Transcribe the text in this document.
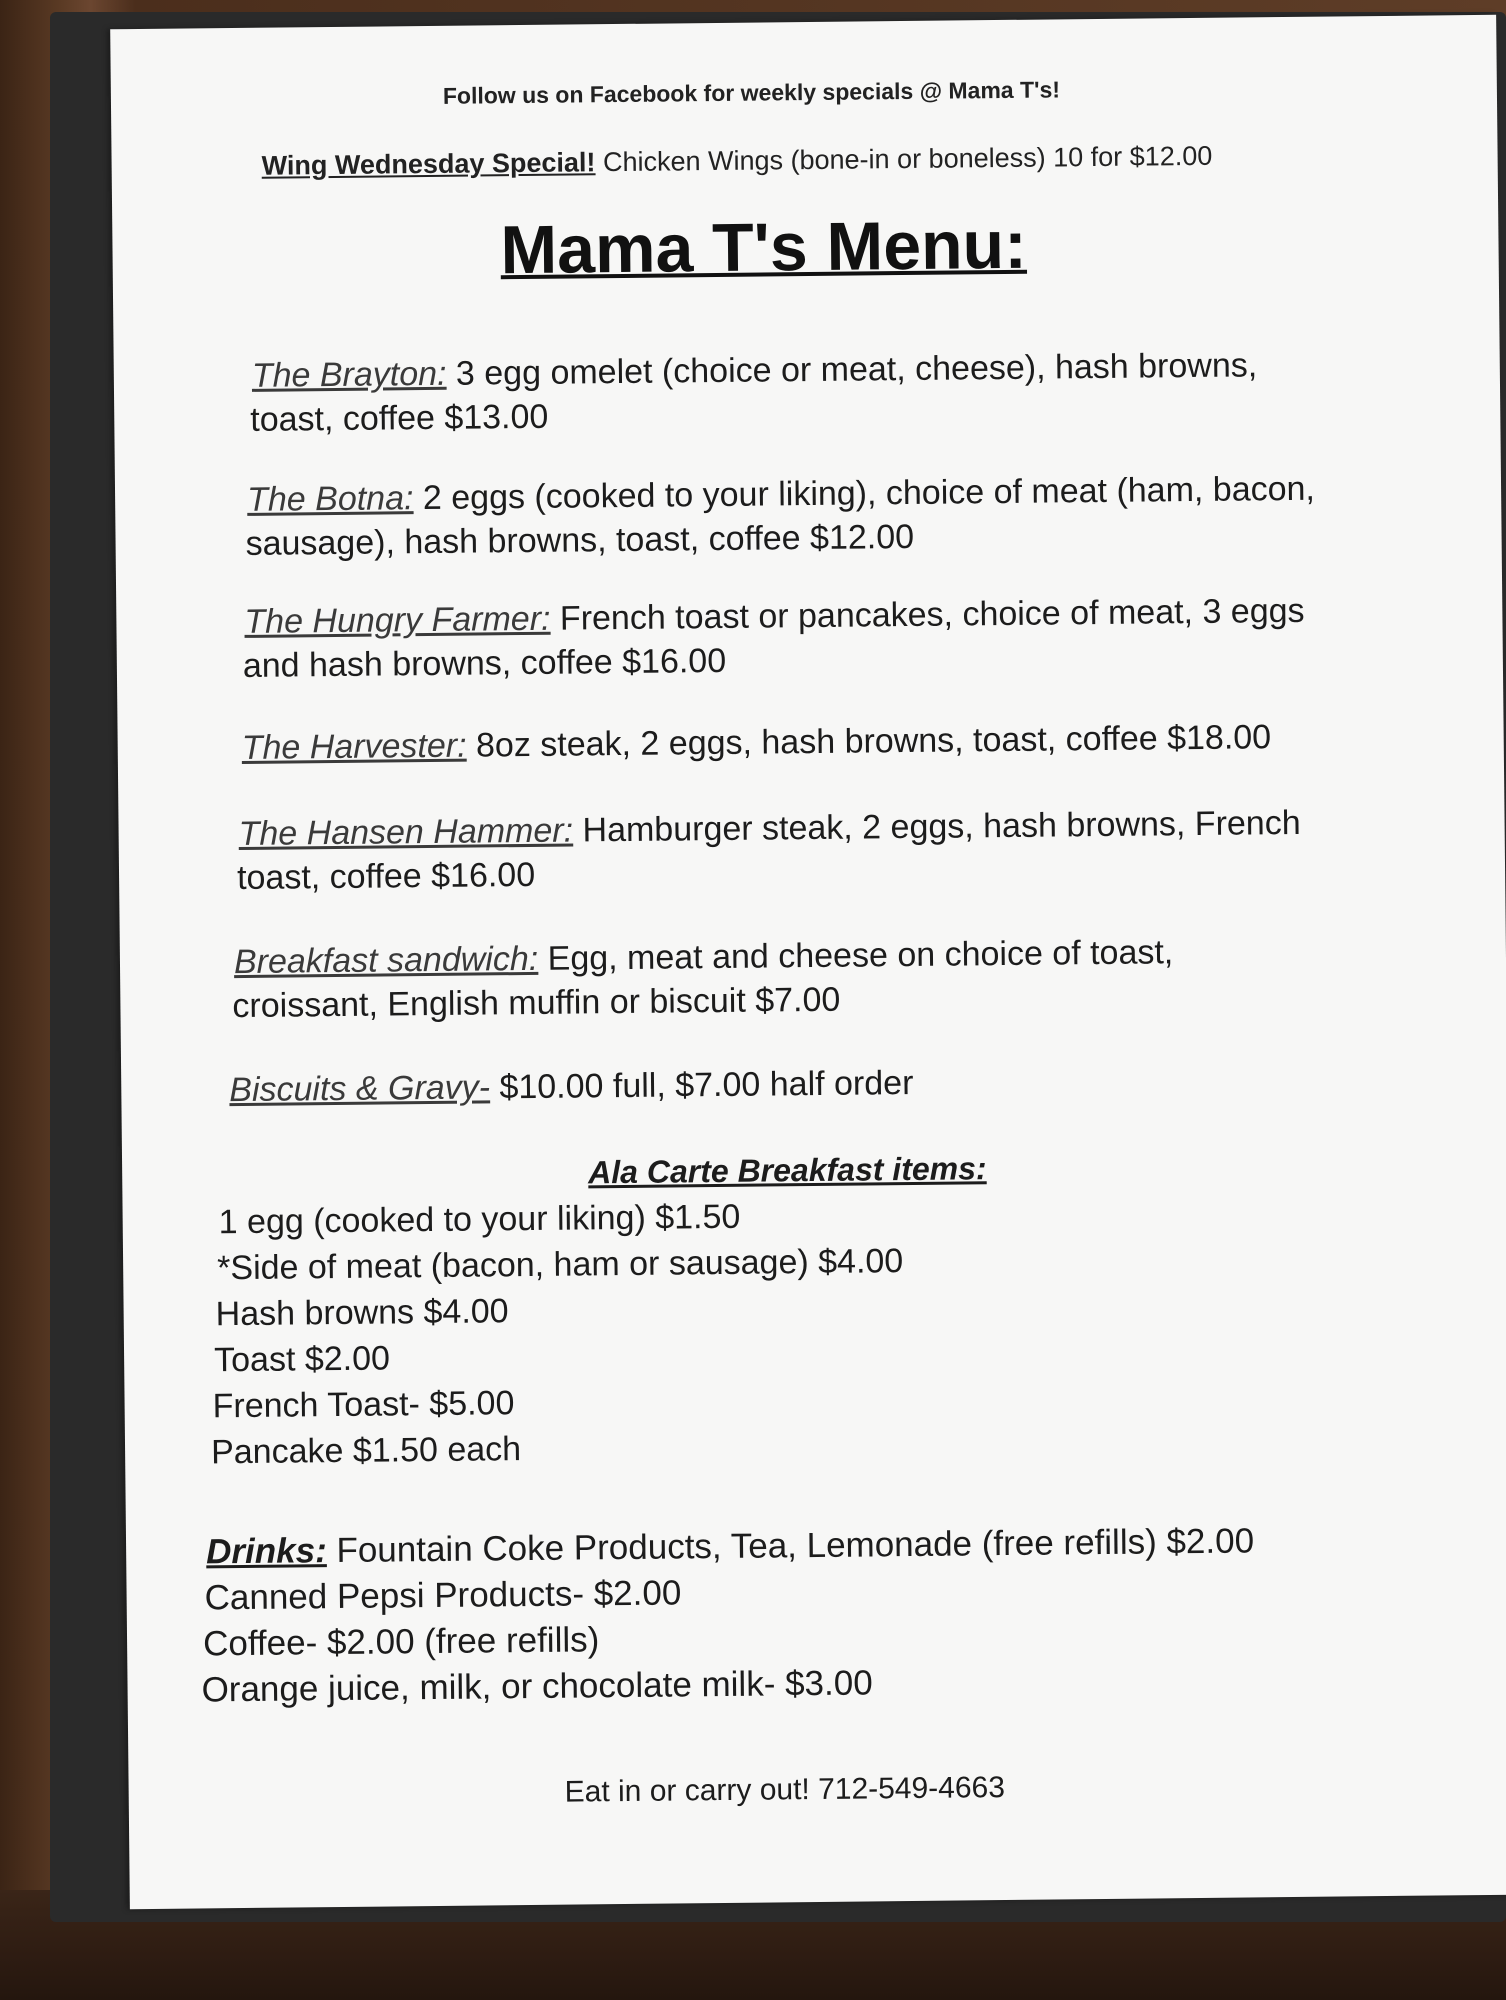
Follow us on Facebook for weekly specials @ Mama T's!
Wing Wednesday Special! Chicken Wings (bone-in or boneless) 10 for $12.00
Mama T's Menu:
The Brayton: 3 egg omelet (choice or meat, cheese), hash browns,
toast, coffee $13.00
The Botna: 2 eggs (cooked to your liking), choice of meat (ham, bacon,
sausage), hash browns, toast, coffee $12.00
The Hungry Farmer: French toast or pancakes, choice of meat, 3 eggs
and hash browns, coffee $16.00
The Harvester: 8oz steak, 2 eggs, hash browns, toast, coffee $18.00
The Hansen Hammer: Hamburger steak, 2 eggs, hash browns, French
toast, coffee $16.00
Breakfast sandwich: Egg, meat and cheese on choice of toast,
croissant, English muffin or biscuit $7.00
Biscuits & Gravy- $10.00 full, $7.00 half order
Ala Carte Breakfast items:
1 egg (cooked to your liking) $1.50
*Side of meat (bacon, ham or sausage) $4.00
Hash browns $4.00
Toast $2.00
French Toast- $5.00
Pancake $1.50 each
Drinks: Fountain Coke Products, Tea, Lemonade (free refills) $2.00
Canned Pepsi Products- $2.00
Coffee- $2.00 (free refills)
Orange juice, milk, or chocolate milk- $3.00
Eat in or carry out! 712-549-4663
